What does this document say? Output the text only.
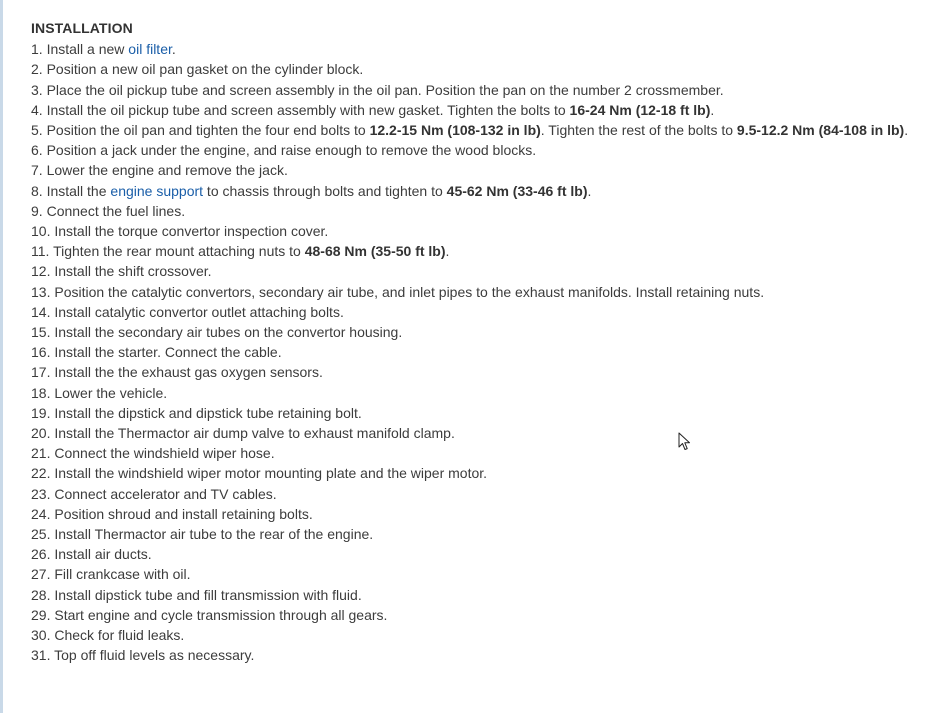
INSTALLATION
1. Install a new oil filter.
2. Position a new oil pan gasket on the cylinder block.
3. Place the oil pickup tube and screen assembly in the oil pan. Position the pan on the number 2 crossmember.
4. Install the oil pickup tube and screen assembly with new gasket. Tighten the bolts to 16-24 Nm (12-18 ft lb).
5. Position the oil pan and tighten the four end bolts to 12.2-15 Nm (108-132 in lb). Tighten the rest of the bolts to 9.5-12.2 Nm (84-108 in lb).
6. Position a jack under the engine, and raise enough to remove the wood blocks.
7. Lower the engine and remove the jack.
8. Install the engine support to chassis through bolts and tighten to 45-62 Nm (33-46 ft lb).
9. Connect the fuel lines.
10. Install the torque convertor inspection cover.
11. Tighten the rear mount attaching nuts to 48-68 Nm (35-50 ft lb).
12. Install the shift crossover.
13. Position the catalytic convertors, secondary air tube, and inlet pipes to the exhaust manifolds. Install retaining nuts.
14. Install catalytic convertor outlet attaching bolts.
15. Install the secondary air tubes on the convertor housing.
16. Install the starter. Connect the cable.
17. Install the the exhaust gas oxygen sensors.
18. Lower the vehicle.
19. Install the dipstick and dipstick tube retaining bolt.
20. Install the Thermactor air dump valve to exhaust manifold clamp.
21. Connect the windshield wiper hose.
22. Install the windshield wiper motor mounting plate and the wiper motor.
23. Connect accelerator and TV cables.
24. Position shroud and install retaining bolts.
25. Install Thermactor air tube to the rear of the engine.
26. Install air ducts.
27. Fill crankcase with oil.
28. Install dipstick tube and fill transmission with fluid.
29. Start engine and cycle transmission through all gears.
30. Check for fluid leaks.
31. Top off fluid levels as necessary.
